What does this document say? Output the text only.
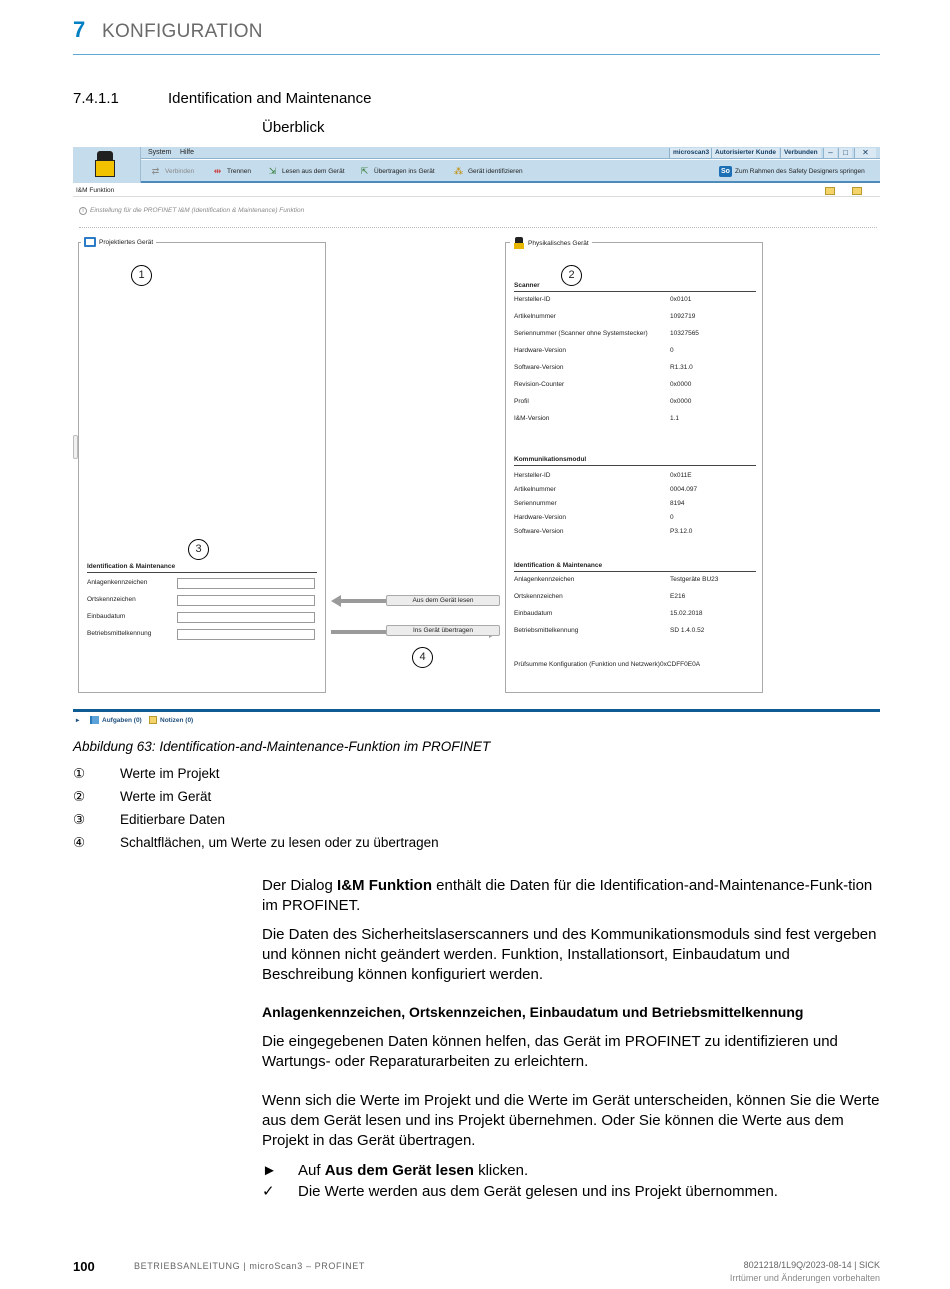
7 KONFIGURATION
7.4.1.1	Identification and Maintenance
Überblick
System Hilfe	microscan3 Autorisierter Kunde	Verbunden	–	□	✕
⇄ Verbinden	⇹ Trennen	⇲ Lesen aus dem Gerät	⇱ Übertragen ins Gerät ⁂ Gerät identifizieren	So Zum Rahmen des Safety Designers springen
I&M Funktion
i Einstellung für die PROFINET I&M (Identification & Maintenance) Funktion
Projektiertes Gerät
1
3
Identification & Maintenance
Anlagenkennzeichen
Ortskennzeichen
Einbaudatum
Betriebsmittelkennung
Aus dem Gerät lesen
Ins Gerät übertragen
4
Physikalisches Gerät
2
Scanner
Hersteller-ID	0x0101
Artikelnummer	1092719
Seriennummer (Scanner ohne Systemstecker)	10327565
Hardware-Version	0
Software-Version	R1.31.0
Revision-Counter	0x0000
Profil	0x0000
I&M-Version	1.1
Kommunikationsmodul
Hersteller-ID	0x011E
Artikelnummer	0004.097
Seriennummer	8194
Hardware-Version	0
Software-Version	P3.12.0
Identification & Maintenance
Anlagenkennzeichen	Testgeräte BU23
Ortskennzeichen	E216
Einbaudatum	15.02.2018
Betriebsmittelkennung	SD 1.4.0.52
Prüfsumme Konfiguration (Funktion und Netzwerk)0xCDFF0E0A
▸	Aufgaben (0)	Notizen (0)
Abbildung 63: Identification-and-Maintenance-Funktion im PROFINET
①	Werte im Projekt
②	Werte im Gerät
③	Editierbare Daten
④	Schaltflächen, um Werte zu lesen oder zu übertragen
Der Dialog I&M Funktion enthält die Daten für die Identification-and-Maintenance-Funk-tion im PROFINET.
Die Daten des Sicherheitslaserscanners und des Kommunikationsmoduls sind fest vergeben und können nicht geändert werden. Funktion, Installationsort, Einbaudatum und Beschreibung können konfiguriert werden.
Anlagenkennzeichen, Ortskennzeichen, Einbaudatum und Betriebsmittelkennung
Die eingegebenen Daten können helfen, das Gerät im PROFINET zu identifizieren und Wartungs- oder Reparaturarbeiten zu erleichtern.
Wenn sich die Werte im Projekt und die Werte im Gerät unterscheiden, können Sie die Werte aus dem Gerät lesen und ins Projekt übernehmen. Oder Sie können die Werte aus dem Projekt in das Gerät übertragen.
►	Auf Aus dem Gerät lesen klicken.
✓	Die Werte werden aus dem Gerät gelesen und ins Projekt übernommen.
100	BETRIEBSANLEITUNG | microScan3 – PROFINET	8021218/1L9Q/2023-08-14 | SICK
Irrtümer und Änderungen vorbehalten
